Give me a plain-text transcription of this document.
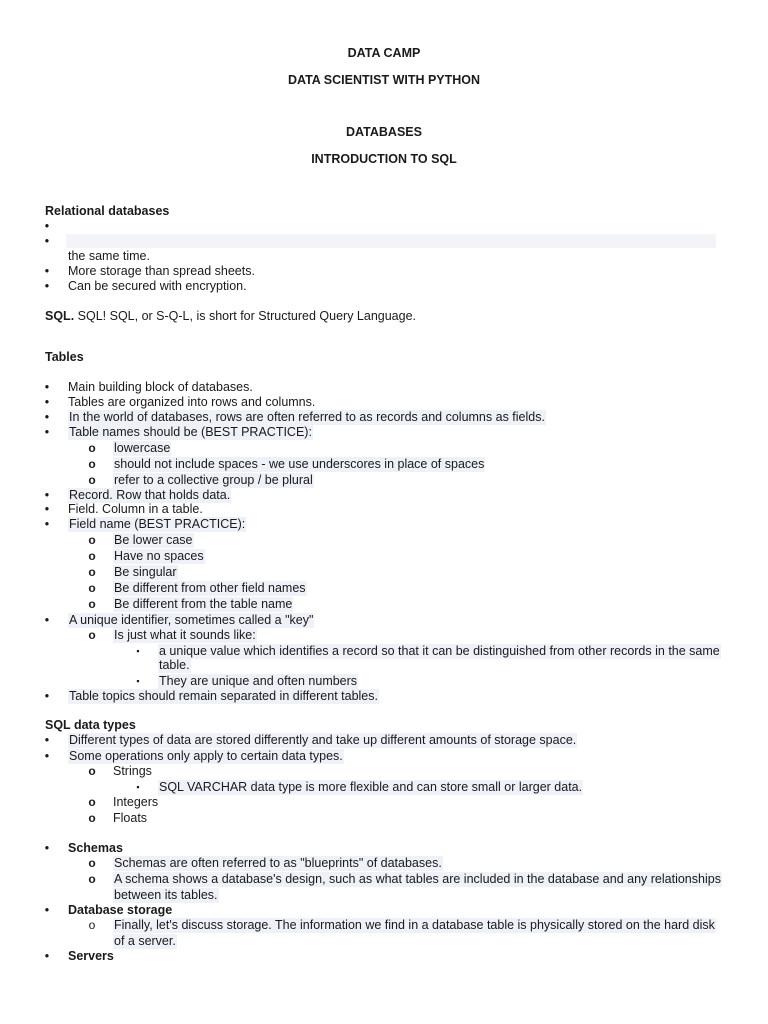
DATA CAMP
DATA SCIENTIST WITH PYTHON
DATABASES
INTRODUCTION TO SQL
Relational databases
•
•
the same time.
• More storage than spread sheets.
• Can be secured with encryption.
SQL. SQL! SQL, or S-Q-L, is short for Structured Query Language.
Tables
• Main building block of databases.
• Tables are organized into rows and columns.
• In the world of databases, rows are often referred to as records and columns as fields.
• Table names should be (BEST PRACTICE):
o lowercase
o should not include spaces - we use underscores in place of spaces
o refer to a collective group / be plural
• Record. Row that holds data.
• Field. Column in a table.
• Field name (BEST PRACTICE):
o Be lower case
o Have no spaces
o Be singular
o Be different from other field names
o Be different from the table name
• A unique identifier, sometimes called a "key"
o Is just what it sounds like:
▪ a unique value which identifies a record so that it can be distinguished from other records in the same
table.
▪ They are unique and often numbers
• Table topics should remain separated in different tables.
SQL data types
• Different types of data are stored differently and take up different amounts of storage space.
• Some operations only apply to certain data types.
o Strings
▪ SQL VARCHAR data type is more flexible and can store small or larger data.
o Integers
o Floats
• Schemas
o Schemas are often referred to as "blueprints" of databases.
o A schema shows a database's design, such as what tables are included in the database and any relationships
between its tables.
• Database storage
o Finally, let's discuss storage. The information we find in a database table is physically stored on the hard disk
of a server.
• Servers
